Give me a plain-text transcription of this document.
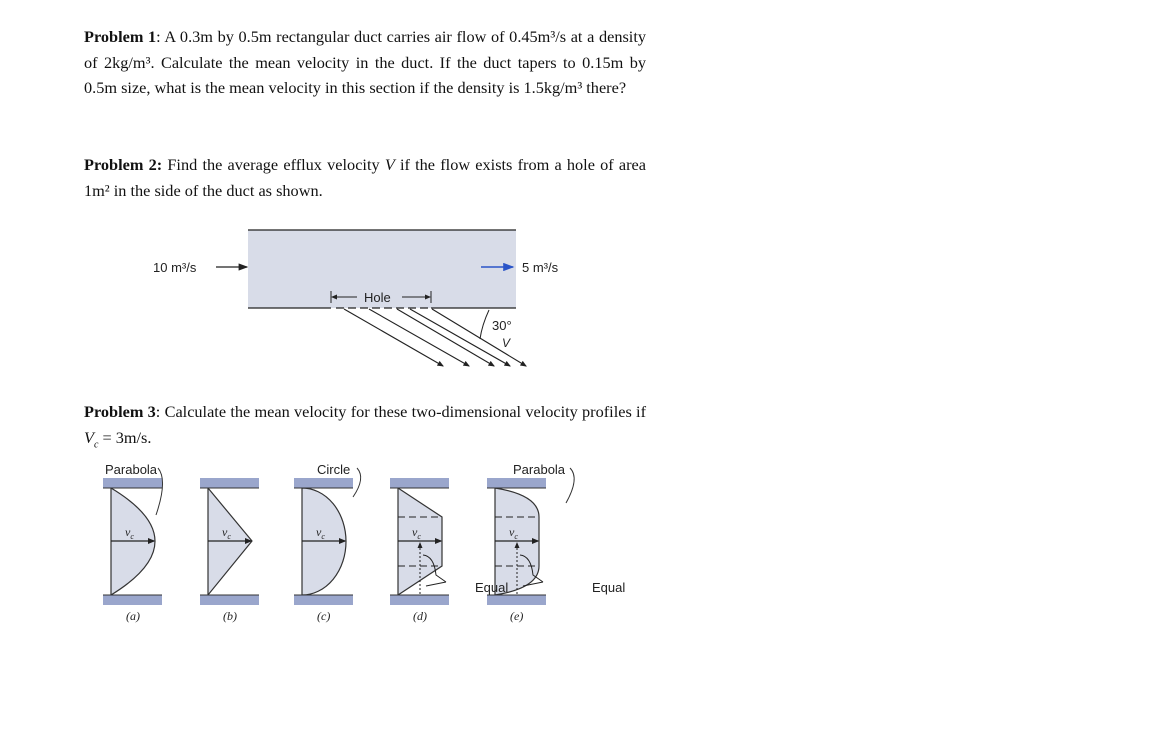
Problem 1: A 0.3m by 0.5m rectangular duct carries air flow of 0.45m³/s at a density of 2kg/m³. Calculate the mean velocity in the duct. If the duct tapers to 0.15m by 0.5m size, what is the mean velocity in this section if the density is 1.5kg/m³ there?

Problem 2: Find the average efflux velocity V if the flow exists from a hole of area 1m² in the side of the duct as shown.

Problem 3: Calculate the mean velocity for these two-dimensional velocity profiles if $V_c = 3m/s$.

10 m³/s	5 m³/s
Hole
30°
V
$v_c$
(a)
$v_c$
(b)
$v_c$
(c)
$v_c$
(d)
$v_c$
(e)
Parabola	Circle
Equal
Parabola
Equal
